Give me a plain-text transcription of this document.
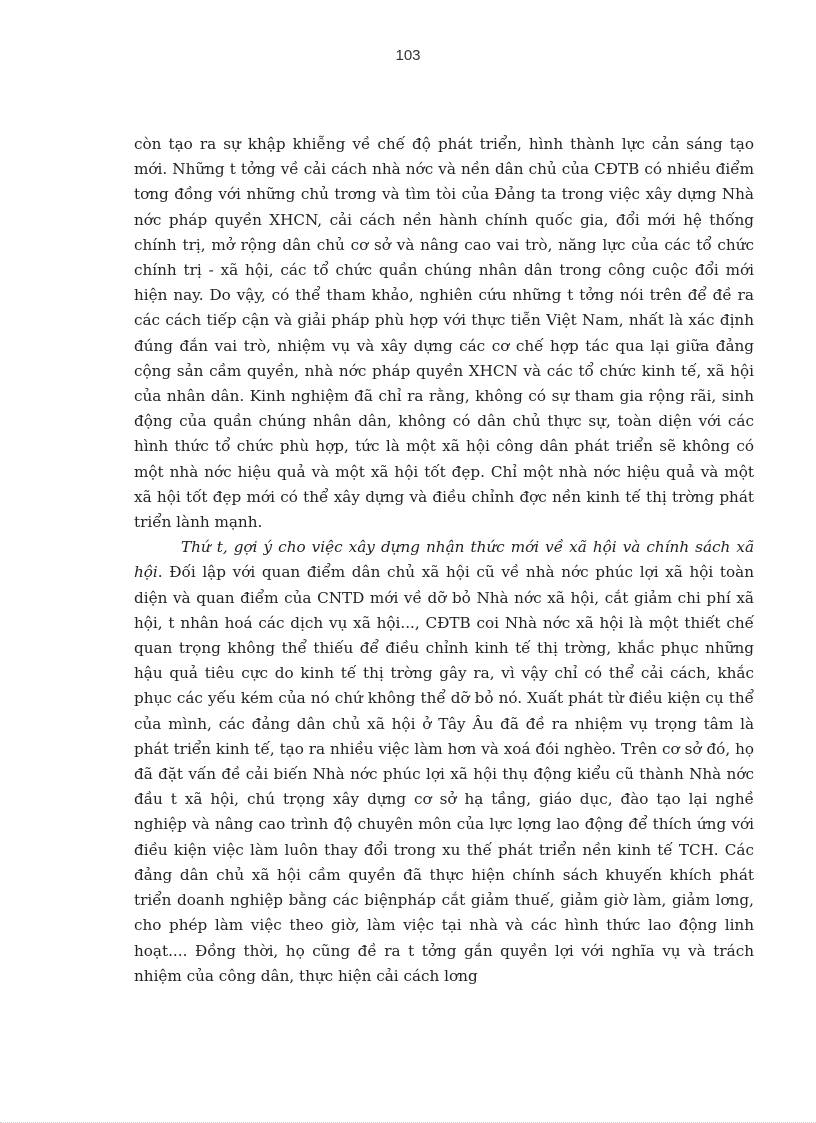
103

còn tạo ra sự khập khiễng về chế độ phát triển, hình thành lực cản sáng tạo mới. Những t tởng về cải cách nhà nớc và nền dân chủ của CĐTB có nhiều điểm tơng đồng với những chủ trơng và tìm tòi của Đảng ta trong việc xây dựng Nhà nớc pháp quyền XHCN, cải cách nền hành chính quốc gia, đổi mới hệ thống chính trị, mở rộng dân chủ cơ sở và nâng cao vai trò, năng lực của các tổ chức chính trị - xã hội, các tổ chức quần chúng nhân dân trong công cuộc đổi mới hiện nay. Do vậy, có thể tham khảo, nghiên cứu những t tởng nói trên để đề ra các cách tiếp cận và giải pháp phù hợp với thực tiễn Việt Nam, nhất là xác định đúng đắn vai trò, nhiệm vụ và xây dựng các cơ chế hợp tác qua lại giữa đảng cộng sản cầm quyền, nhà nớc pháp quyền XHCN và các tổ chức kinh tế, xã hội của nhân dân. Kinh nghiệm đã chỉ ra rằng, không có sự tham gia rộng rãi, sinh động của quần chúng nhân dân, không có dân chủ thực sự, toàn diện với các hình thức tổ chức phù hợp, tức là một xã hội công dân phát triển sẽ không có một nhà nớc hiệu quả và một xã hội tốt đẹp. Chỉ một nhà nớc hiệu quả và một xã hội tốt đẹp mới có thể xây dựng và điều chỉnh đợc nền kinh tế thị trờng phát triển lành mạnh.

Thứ t, gợi ý cho việc xây dựng nhận thức mới về xã hội và chính sách xã hội. Đối lập với quan điểm dân chủ xã hội cũ về nhà nớc phúc lợi xã hội toàn diện và quan điểm của CNTD mới về dỡ bỏ Nhà nớc xã hội, cắt giảm chi phí xã hội, t nhân hoá các dịch vụ xã hội..., CĐTB coi Nhà nớc xã hội là một thiết chế quan trọng không thể thiếu để điều chỉnh kinh tế thị trờng, khắc phục những hậu quả tiêu cực do kinh tế thị trờng gây ra, vì vậy chỉ có thể cải cách, khắc phục các yếu kém của nó chứ không thể dỡ bỏ nó. Xuất phát từ điều kiện cụ thể của mình, các đảng dân chủ xã hội ở Tây Âu đã đề ra nhiệm vụ trọng tâm là phát triển kinh tế, tạo ra nhiều việc làm hơn và xoá đói nghèo. Trên cơ sở đó, họ đã đặt vấn đề cải biến Nhà nớc phúc lợi xã hội thụ động kiểu cũ thành Nhà nớc đầu t xã hội, chú trọng xây dựng cơ sở hạ tầng, giáo dục, đào tạo lại nghề nghiệp và nâng cao trình độ chuyên môn của lực lợng lao động để thích ứng với điều kiện việc làm luôn thay đổi trong xu thế phát triển nền kinh tế TCH. Các đảng dân chủ xã hội cầm quyền đã thực hiện chính sách khuyến khích phát triển doanh nghiệp bằng các biệnpháp cắt giảm thuế, giảm giờ làm, giảm lơng, cho phép làm việc theo giờ, làm việc tại nhà và các hình thức lao động linh hoạt.... Đồng thời, họ cũng đề ra t tởng gắn quyền lợi với nghĩa vụ và trách nhiệm của công dân, thực hiện cải cách lơng
